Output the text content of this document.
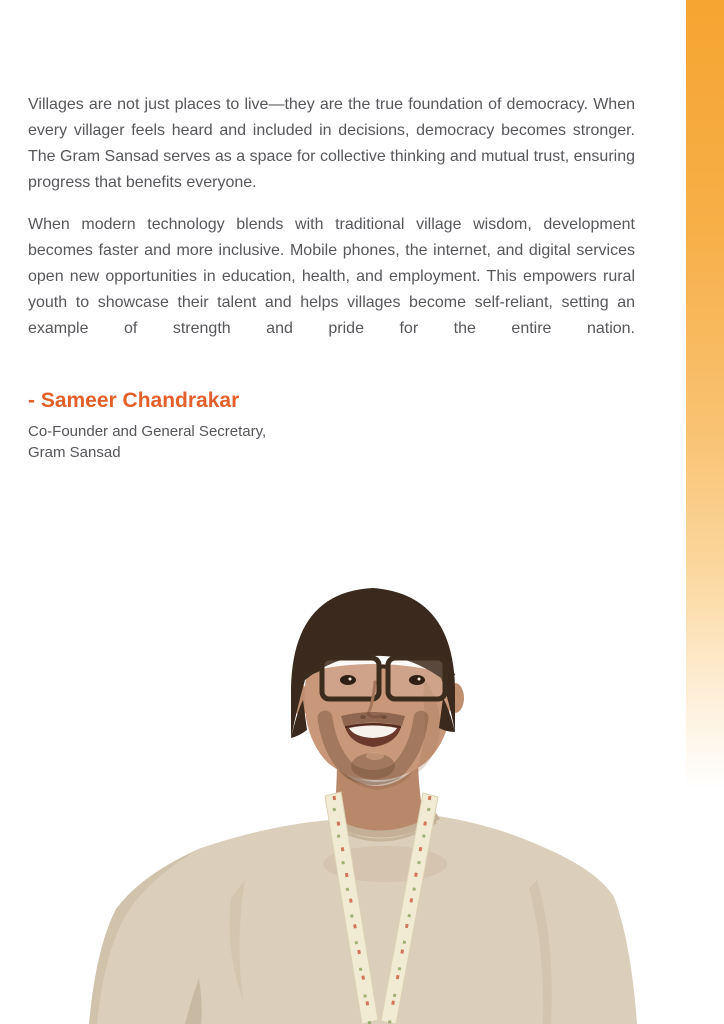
Villages are not just places to live—they are the true foundation of democracy. When every villager feels heard and included in decisions, democracy becomes stronger. The Gram Sansad serves as a space for collective thinking and mutual trust, ensuring progress that benefits everyone.

When modern technology blends with traditional village wisdom, development becomes faster and more inclusive. Mobile phones, the internet, and digital services open new opportunities in education, health, and employment. This empowers rural youth to showcase their talent and helps villages become self-reliant, setting an example of strength and pride for the entire nation.

- Sameer Chandrakar
Co-Founder and General Secretary,
Gram Sansad
